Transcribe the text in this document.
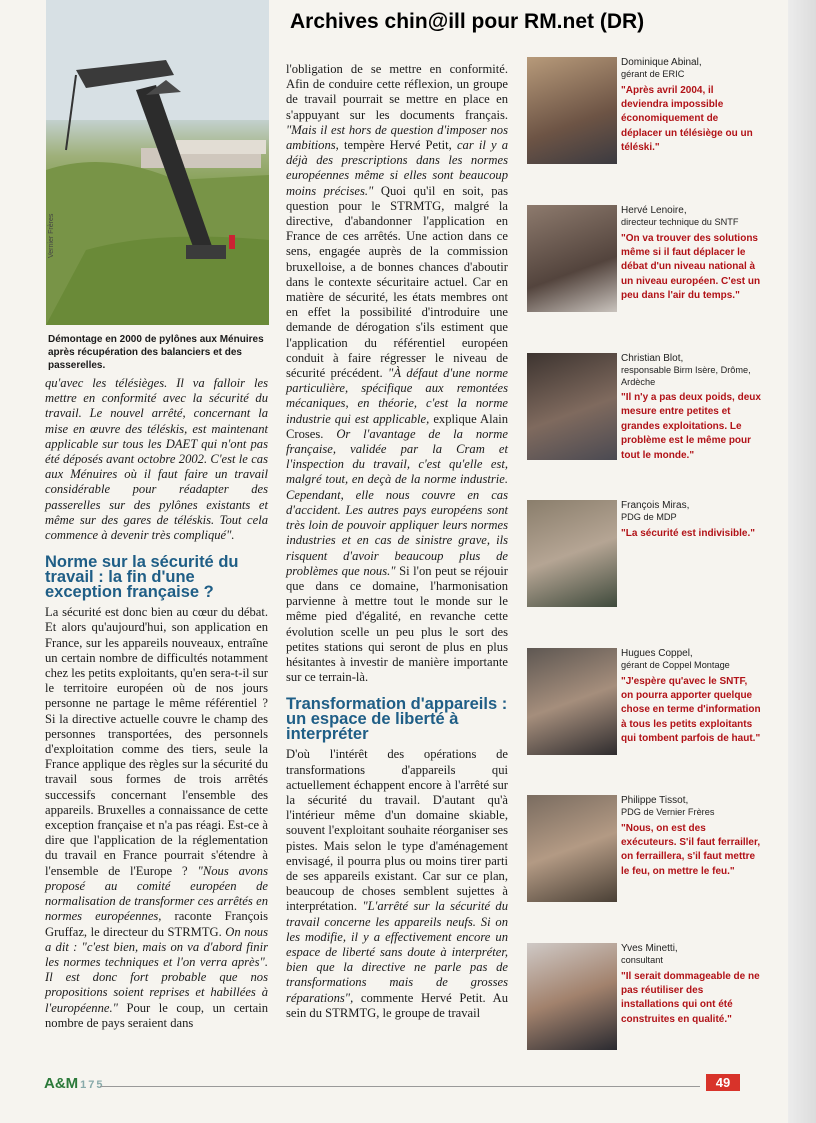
Archives chin@ill pour RM.net (DR)
Vernier Frères
Démontage en 2000 de pylônes aux Ménuires après récupération des balanciers et des passerelles.

qu'avec les télésièges. Il va falloir les mettre en conformité avec la sécurité du travail. Le nouvel arrêté, concernant la mise en œuvre des téléskis, est maintenant applicable sur tous les DAET qui n'ont pas été déposés avant octobre 2002. C'est le cas aux Ménuires où il faut faire un travail considérable pour réadapter des passerelles sur des pylônes existants et même sur des gares de téléskis. Tout cela commence à devenir très compliqué".

Norme sur la sécurité du travail : la fin d'une exception française ?

La sécurité est donc bien au cœur du débat. Et alors qu'aujourd'hui, son application en France, sur les appareils nouveaux, entraîne un certain nombre de difficultés notamment chez les petits exploitants, qu'en sera-t-il sur le territoire européen où de nos jours personne ne partage le même référentiel ? Si la directive actuelle couvre le champ des personnes transportées, des personnels d'exploitation comme des tiers, seule la France applique des règles sur la sécurité du travail sous formes de trois arrêtés successifs concernant l'ensemble des appareils. Bruxelles a connaissance de cette exception française et n'a pas réagi. Est-ce à dire que l'application de la réglementation du travail en France pourrait s'étendre à l'ensemble de l'Europe ? "Nous avons proposé au comité européen de normalisation de transformer ces arrêtés en normes européennes, raconte François Gruffaz, le directeur du STRMTG. On nous a dit : "c'est bien, mais on va d'abord finir les normes techniques et l'on verra après". Il est donc fort probable que nos propositions soient reprises et habillées à l'européenne." Pour le coup, un certain nombre de pays seraient dans

l'obligation de se mettre en conformité. Afin de conduire cette réflexion, un groupe de travail pourrait se mettre en place en s'appuyant sur les documents français. "Mais il est hors de question d'imposer nos ambitions, tempère Hervé Petit, car il y a déjà des prescriptions dans les normes européennes même si elles sont beaucoup moins précises." Quoi qu'il en soit, pas question pour le STRMTG, malgré la directive, d'abandonner l'application en France de ces arrêtés. Une action dans ce sens, engagée auprès de la commission bruxelloise, a de bonnes chances d'aboutir dans le contexte sécuritaire actuel. Car en matière de sécurité, les états membres ont en effet la possibilité d'introduire une demande de dérogation s'ils estiment que l'application du référentiel européen conduit à faire régresser le niveau de sécurité précédent. "À défaut d'une norme particulière, spécifique aux remontées mécaniques, en théorie, c'est la norme industrie qui est applicable, explique Alain Croses. Or l'avantage de la norme française, validée par la Cram et l'inspection du travail, c'est qu'elle est, malgré tout, en deçà de la norme industrie. Cependant, elle nous couvre en cas d'accident. Les autres pays européens sont très loin de pouvoir appliquer leurs normes industries et en cas de sinistre grave, ils risquent d'avoir beaucoup plus de problèmes que nous." Si l'on peut se réjouir que dans ce domaine, l'harmonisation parvienne à mettre tout le monde sur le même pied d'égalité, en revanche cette évolution scelle un peu plus le sort des petites stations qui seront de plus en plus hésitantes à investir de manière importante sur ce terrain-là.

Transformation d'appareils : un espace de liberté à interpréter

D'où l'intérêt des opérations de transformations d'appareils qui actuellement échappent encore à l'arrêté sur la sécurité du travail. D'autant qu'à l'intérieur même d'un domaine skiable, souvent l'exploitant souhaite réorganiser ses pistes. Mais selon le type d'aménagement envisagé, il pourra plus ou moins tirer parti de ses appareils existant. Car sur ce plan, beaucoup de choses semblent sujettes à interprétation. "L'arrêté sur la sécurité du travail concerne les appareils neufs. Si on les modifie, il y a effectivement encore un espace de liberté sans doute à interpréter, bien que la directive ne parle pas de transformations mais de grosses réparations", commente Hervé Petit. Au sein du STRMTG, le groupe de travail

Dominique Abinal,
gérant de ERIC
"Après avril 2004, il deviendra impossible économiquement de déplacer un télésiège ou un téléski."
Hervé Lenoire,
directeur technique du SNTF
"On va trouver des solutions même si il faut déplacer le débat d'un niveau national à un niveau européen. C'est un peu dans l'air du temps."
Christian Blot,
responsable Birm Isère, Drôme, Ardèche
"Il n'y a pas deux poids, deux mesure entre petites et grandes exploitations. Le problème est le même pour tout le monde."
François Miras,
PDG de MDP
"La sécurité est indivisible."
Hugues Coppel,
gérant de Coppel Montage
"J'espère qu'avec le SNTF, on pourra apporter quelque chose en terme d'information à tous les petits exploitants qui tombent parfois de haut."
Philippe Tissot,
PDG de Vernier Frères
"Nous, on est des exécuteurs. S'il faut ferrailler, on ferraillera, s'il faut mettre le feu, on mettre le feu."
Yves Minetti,
consultant
"Il serait dommageable de ne pas réutiliser des installations qui ont été construites en qualité."
A&M 175	49
